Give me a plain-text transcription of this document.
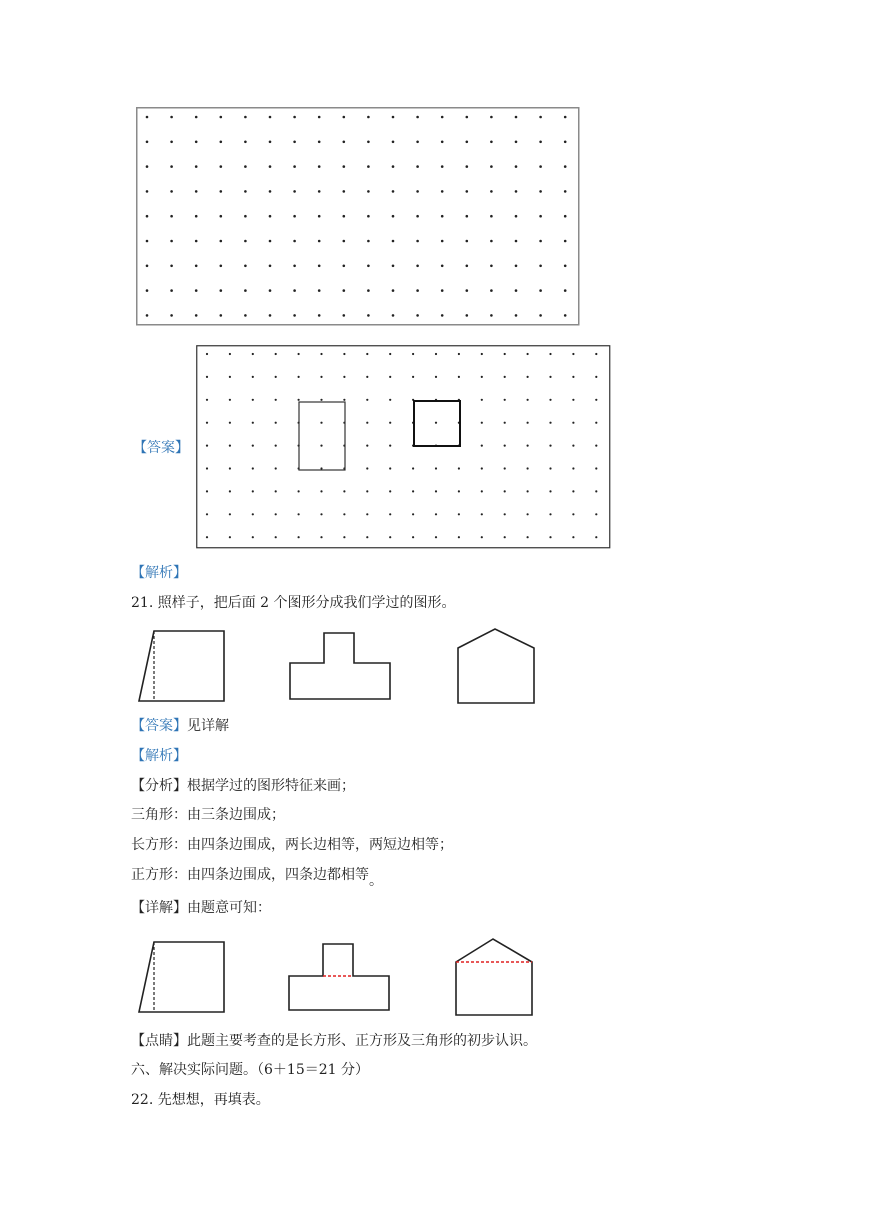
【答案】
【解析】
21. 照样子，把后面 2 个图形分成我们学过的图形。
【答案】见详解
【解析】
【分析】根据学过的图形特征来画；
三角形：由三条边围成；
长方形：由四条边围成，两长边相等，两短边相等；
正方形：由四条边围成，四条边都相等。
【详解】由题意可知：
【点睛】此题主要考查的是长方形、正方形及三角形的初步认识。
六、解决实际问题。（6＋15＝21 分）
22. 先想想，再填表。
